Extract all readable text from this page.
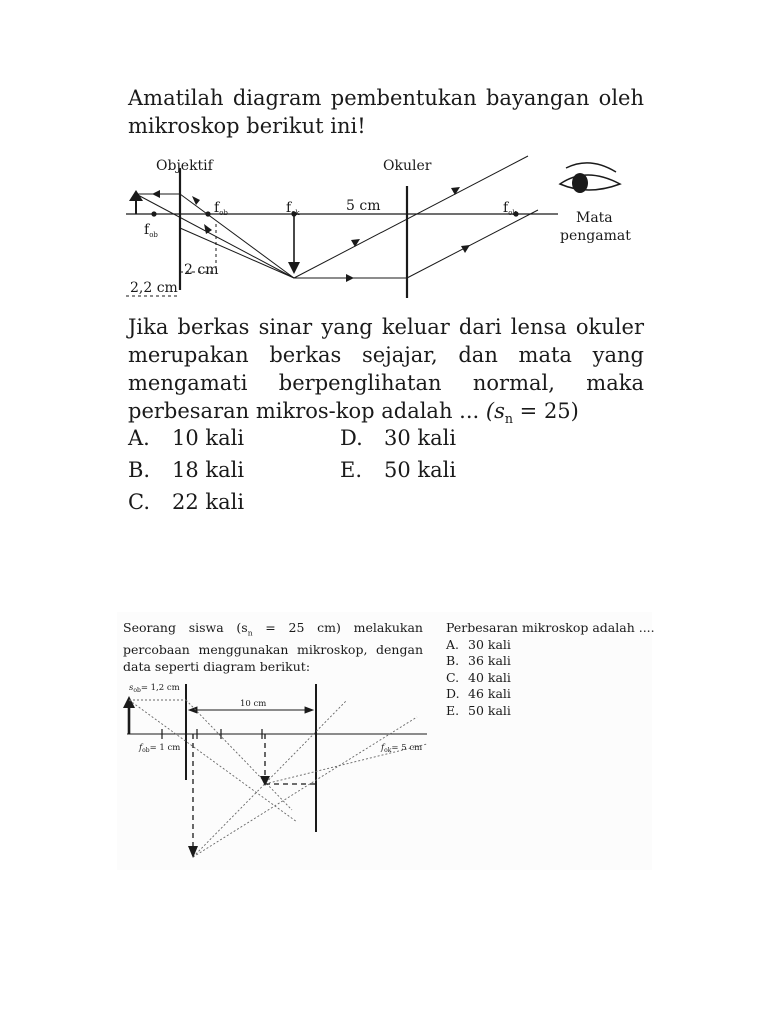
Amatilah diagram pembentukan bayangan oleh mikroskop berikut ini!

Objektif	Okuler
$f_{ob}$	$f_{ok}$	5 cm	$f_{ok}$
$f_{ob}$
2 cm
2,2 cm
Mata
pengamat
Jika berkas sinar yang keluar dari lensa okuler merupakan berkas sejajar, dan mata yang mengamati berpenglihatan normal, maka perbesaran mikros-kop adalah ... $(s_n = 25)$
A. 10 kali
B. 18 kali
C. 22 kali
D. 30 kali
E. 50 kali
Seorang siswa ($s_n = 25$ cm) melakukan percobaan menggunakan mikroskop, dengan data seperti diagram berikut:
Perbesaran mikroskop adalah ....
A. 30 kali
B. 36 kali
C. 40 kali
D. 46 kali
E. 50 kali
$s_{ob}= 1,2$ cm
10 cm
$f_{ob}= 1$ cm	$f_{ok}= 5$ cm
